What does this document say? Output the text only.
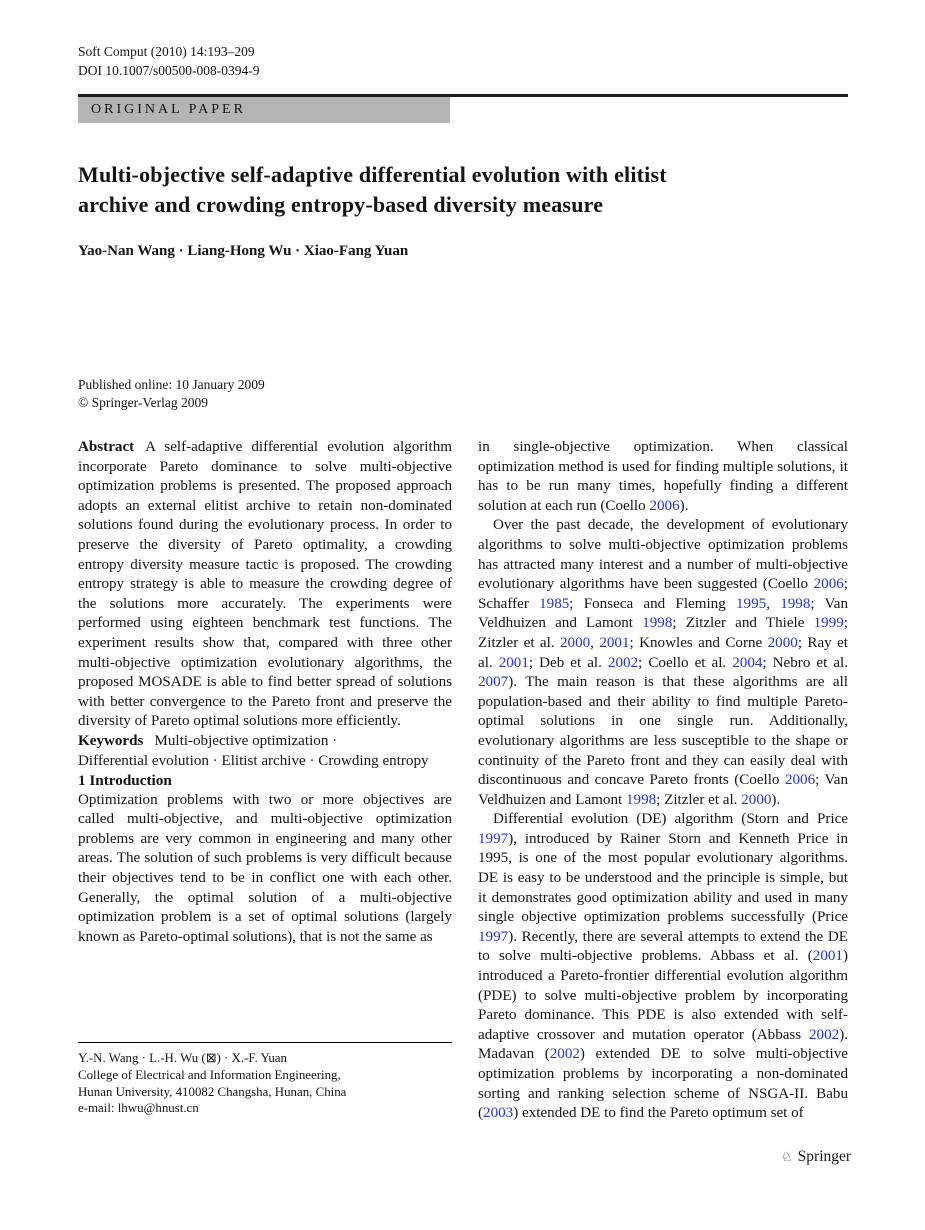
Soft Comput (2010) 14:193–209
DOI 10.1007/s00500-008-0394-9
ORIGINAL PAPER
Multi-objective self-adaptive differential evolution with elitist
archive and crowding entropy-based diversity measure
Yao-Nan Wang · Liang-Hong Wu · Xiao-Fang Yuan
Published online: 10 January 2009
© Springer-Verlag 2009

Abstract A self-adaptive differential evolution algorithm incorporate Pareto dominance to solve multi-objective optimization problems is presented. The proposed approach adopts an external elitist archive to retain non-dominated solutions found during the evolutionary process. In order to preserve the diversity of Pareto optimality, a crowding entropy diversity measure tactic is proposed. The crowding entropy strategy is able to measure the crowding degree of the solutions more accurately. The experiments were performed using eighteen benchmark test functions. The experiment results show that, compared with three other multi-objective optimization evolutionary algorithms, the proposed MOSADE is able to find better spread of solutions with better convergence to the Pareto front and preserve the diversity of Pareto optimal solutions more efficiently.

Keywords Multi-objective optimization ·
Differential evolution · Elitist archive · Crowding entropy

1 Introduction

Optimization problems with two or more objectives are called multi-objective, and multi-objective optimization problems are very common in engineering and many other areas. The solution of such problems is very difficult because their objectives tend to be in conflict one with each other. Generally, the optimal solution of a multi-objective optimization problem is a set of optimal solutions (largely known as Pareto-optimal solutions), that is not the same as

in single-objective optimization. When classical optimization method is used for finding multiple solutions, it has to be run many times, hopefully finding a different solution at each run (Coello 2006).

Over the past decade, the development of evolutionary algorithms to solve multi-objective optimization problems has attracted many interest and a number of multi-objective evolutionary algorithms have been suggested (Coello 2006; Schaffer 1985; Fonseca and Fleming 1995, 1998; Van Veldhuizen and Lamont 1998; Zitzler and Thiele 1999; Zitzler et al. 2000, 2001; Knowles and Corne 2000; Ray et al. 2001; Deb et al. 2002; Coello et al. 2004; Nebro et al. 2007). The main reason is that these algorithms are all population-based and their ability to find multiple Pareto-optimal solutions in one single run. Additionally, evolutionary algorithms are less susceptible to the shape or continuity of the Pareto front and they can easily deal with discontinuous and concave Pareto fronts (Coello 2006; Van Veldhuizen and Lamont 1998; Zitzler et al. 2000).

Differential evolution (DE) algorithm (Storn and Price 1997), introduced by Rainer Storn and Kenneth Price in 1995, is one of the most popular evolutionary algorithms. DE is easy to be understood and the principle is simple, but it demonstrates good optimization ability and used in many single objective optimization problems successfully (Price 1997). Recently, there are several attempts to extend the DE to solve multi-objective problems. Abbass et al. (2001) introduced a Pareto-frontier differential evolution algorithm (PDE) to solve multi-objective problem by incorporating Pareto dominance. This PDE is also extended with self-adaptive crossover and mutation operator (Abbass 2002). Madavan (2002) extended DE to solve multi-objective optimization problems by incorporating a non-dominated sorting and ranking selection scheme of NSGA-II. Babu (2003) extended DE to find the Pareto optimum set of

Y.-N. Wang · L.-H. Wu (⊠) · X.-F. Yuan
College of Electrical and Information Engineering,
Hunan University, 410082 Changsha, Hunan, China
e-mail: lhwu@hnust.cn
♘ Springer
